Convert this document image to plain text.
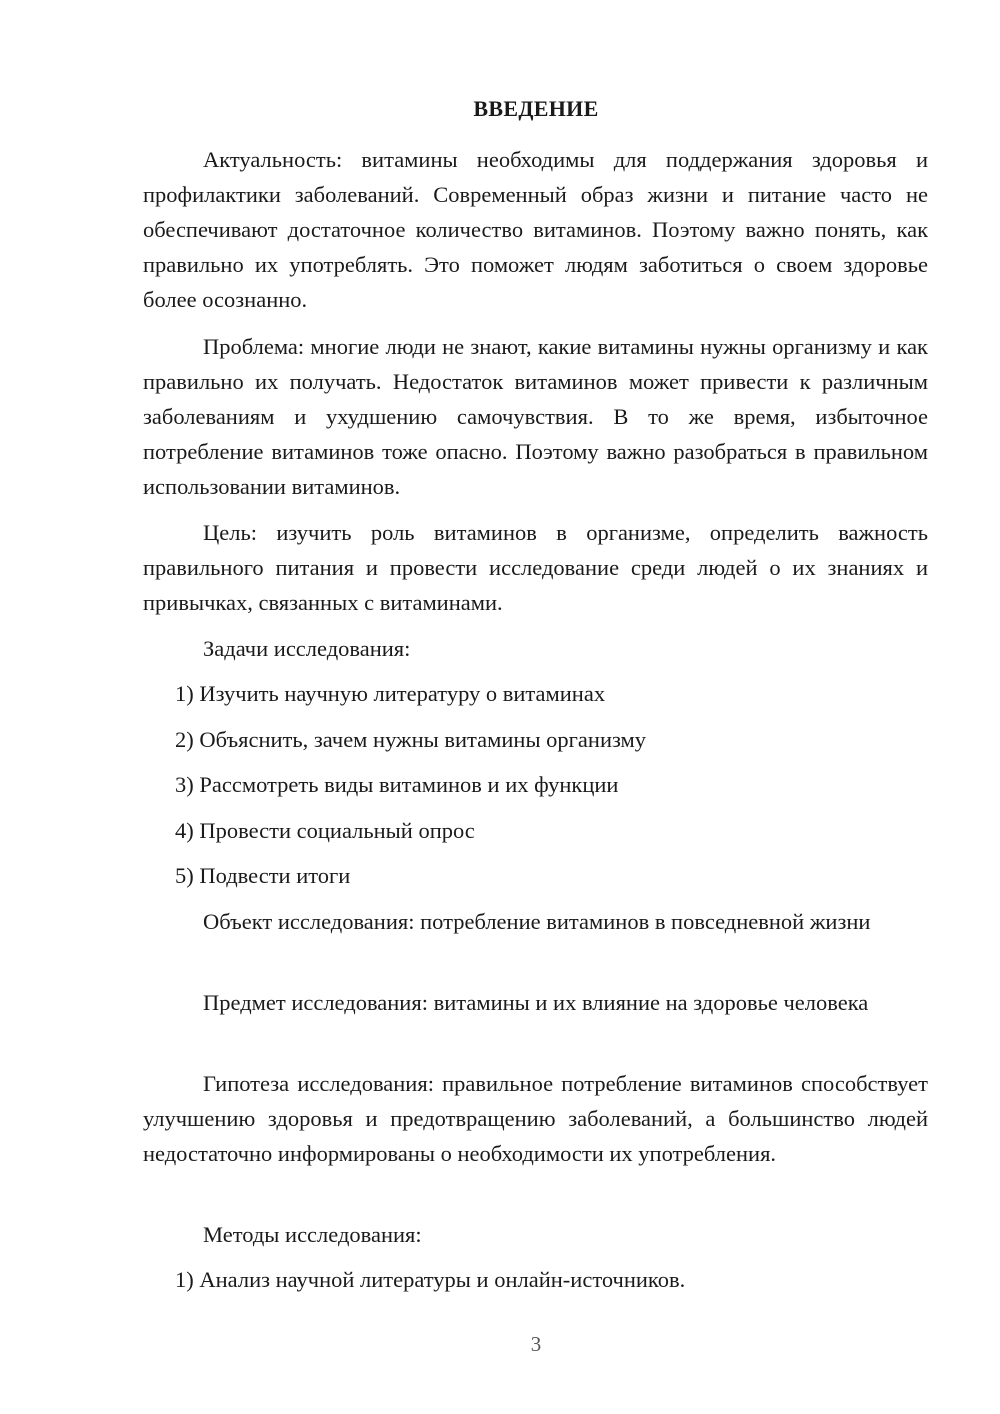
ВВЕДЕНИЕ

Актуальность: витамины необходимы для поддержания здоровья и профилактики заболеваний. Современный образ жизни и питание часто не обеспечивают достаточное количество витаминов. Поэтому важно понять, как правильно их употреблять. Это поможет людям заботиться о своем здоровье более осознанно.

Проблема: многие люди не знают, какие витамины нужны организму и как правильно их получать. Недостаток витаминов может привести к различным заболеваниям и ухудшению самочувствия. В то же время, избыточное потребление витаминов тоже опасно. Поэтому важно разобраться в правильном использовании витаминов.

Цель: изучить роль витаминов в организме, определить важность правильного питания и провести исследование среди людей о их знаниях и привычках, связанных с витаминами.

Задачи исследования:

1) Изучить научную литературу о витаминах

2) Объяснить, зачем нужны витамины организму

3) Рассмотреть виды витаминов и их функции

4) Провести социальный опрос

5) Подвести итоги

Объект исследования: потребление витаминов в повседневной жизни

Предмет исследования: витамины и их влияние на здоровье человека

Гипотеза исследования: правильное потребление витаминов способствует улучшению здоровья и предотвращению заболеваний, а большинство людей недостаточно информированы о необходимости их употребления.

Методы исследования:

1) Анализ научной литературы и онлайн-источников.

3
